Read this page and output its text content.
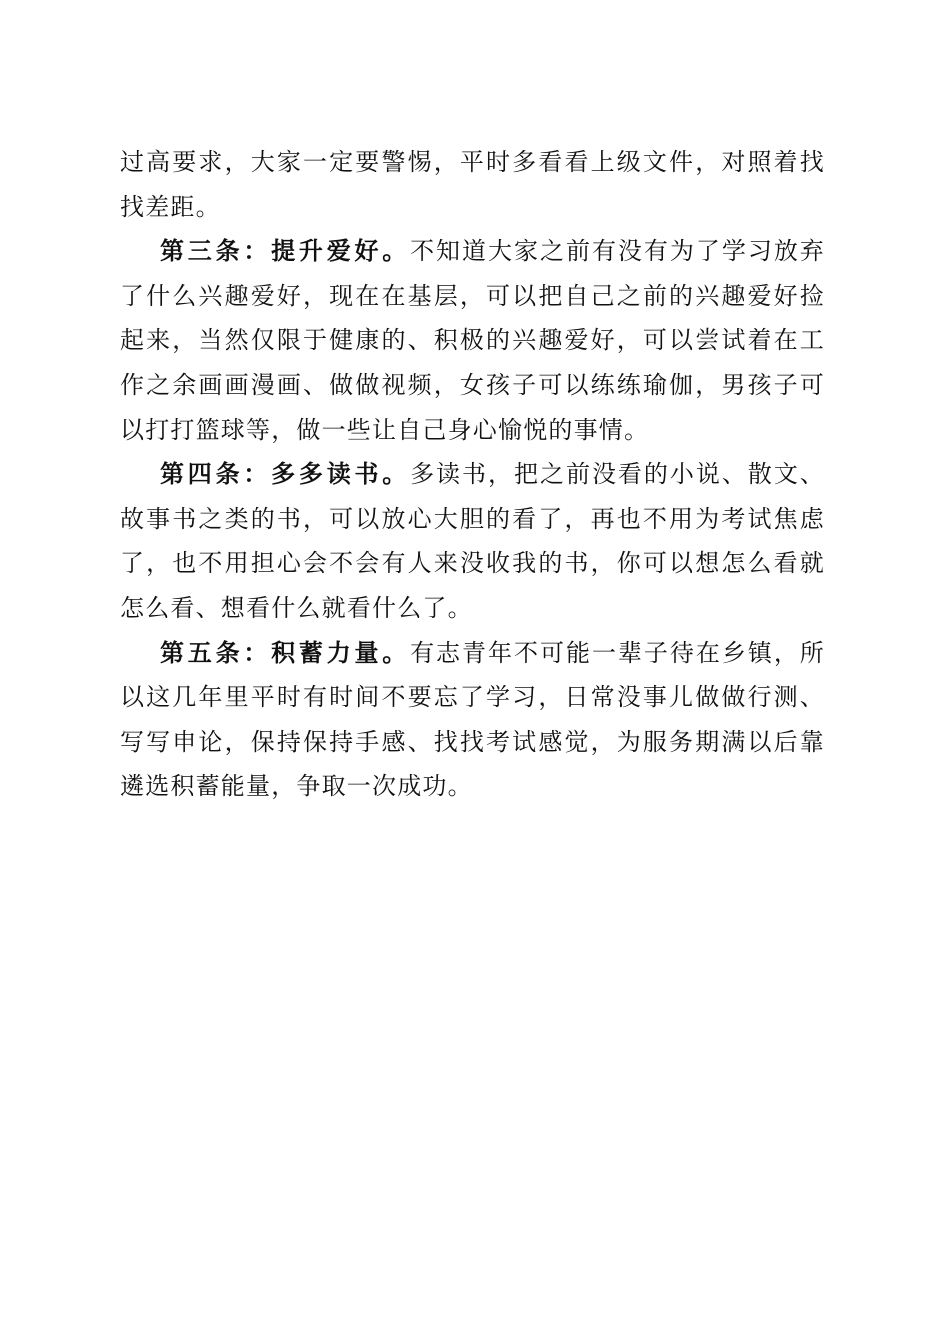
过高要求，大家一定要警惕，平时多看看上级文件，对照着找找差距。

第三条：提升爱好。不知道大家之前有没有为了学习放弃了什么兴趣爱好，现在在基层，可以把自己之前的兴趣爱好捡起来，当然仅限于健康的、积极的兴趣爱好，可以尝试着在工作之余画画漫画、做做视频，女孩子可以练练瑜伽，男孩子可以打打篮球等，做一些让自己身心愉悦的事情。

第四条：多多读书。多读书，把之前没看的小说、散文、故事书之类的书，可以放心大胆的看了，再也不用为考试焦虑了，也不用担心会不会有人来没收我的书，你可以想怎么看就怎么看、想看什么就看什么了。

第五条：积蓄力量。有志青年不可能一辈子待在乡镇，所以这几年里平时有时间不要忘了学习，日常没事儿做做行测、写写申论，保持保持手感、找找考试感觉，为服务期满以后靠遴选积蓄能量，争取一次成功。
